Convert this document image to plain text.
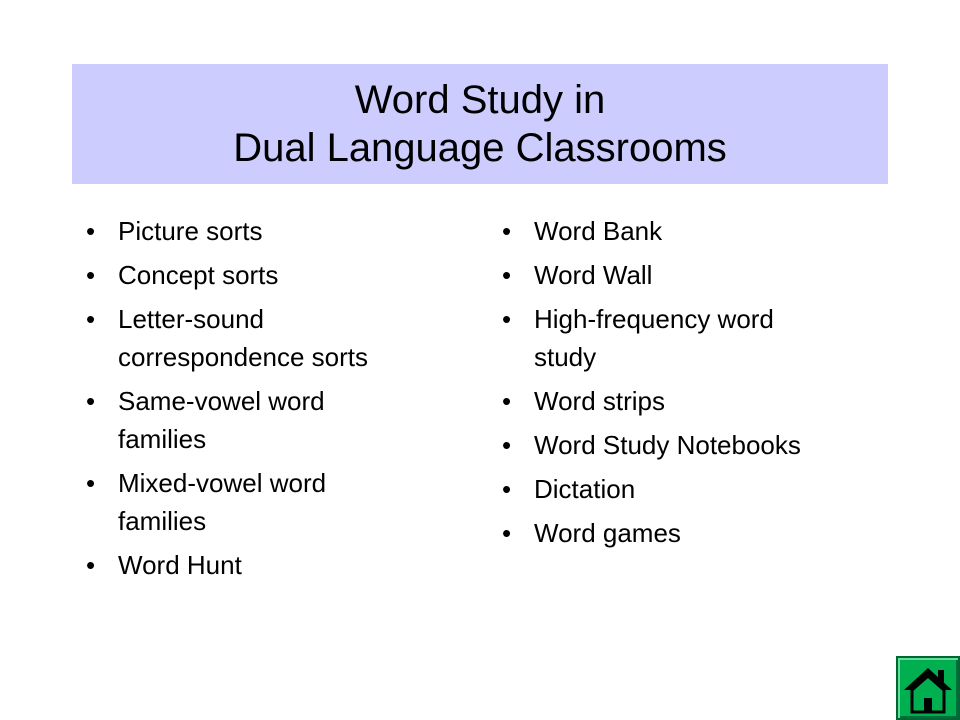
Word Study in
Dual Language Classrooms
• Picture sorts
• Concept sorts
• Letter-sound
correspondence sorts
• Same-vowel word
families
• Mixed-vowel word
families
• Word Hunt
• Word Bank
• Word Wall
• High-frequency word
study
• Word strips
• Word Study Notebooks
• Dictation
• Word games
